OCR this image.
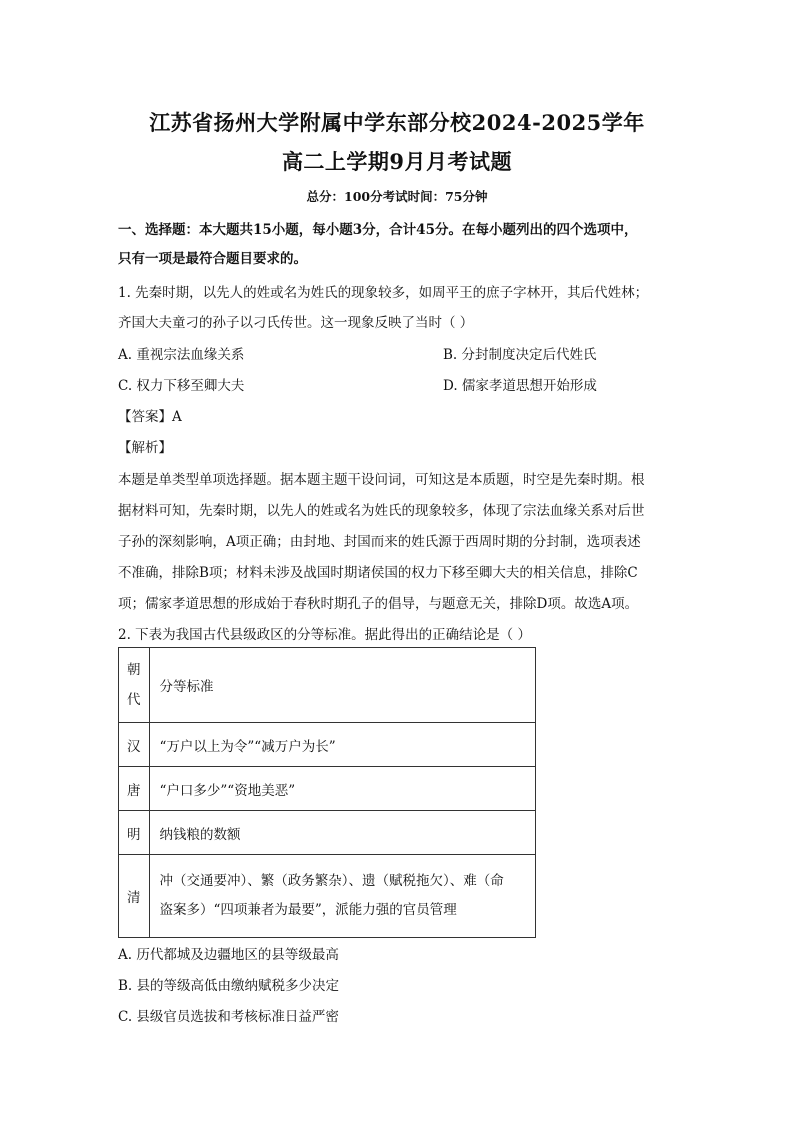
江苏省扬州大学附属中学东部分校2024-2025学年
高二上学期9月月考试题
总分：100分考试时间：75分钟
一、选择题：本大题共15小题，每小题3分，合计45分。在每小题列出的四个选项中，
只有一项是最符合题目要求的。
1. 先秦时期，以先人的姓或名为姓氏的现象较多，如周平王的庶子字林开，其后代姓林；
齐国大夫童刁的孙子以刁氏传世。这一现象反映了当时（ ）
A. 重视宗法血缘关系	B. 分封制度决定后代姓氏
C. 权力下移至卿大夫	D. 儒家孝道思想开始形成
【答案】A
【解析】
本题是单类型单项选择题。据本题主题干设问词，可知这是本质题，时空是先秦时期。根
据材料可知，先秦时期，以先人的姓或名为姓氏的现象较多，体现了宗法血缘关系对后世
子孙的深刻影响，A项正确；由封地、封国而来的姓氏源于西周时期的分封制，选项表述
不准确，排除B项；材料未涉及战国时期诸侯国的权力下移至卿大夫的相关信息，排除C
项；儒家孝道思想的形成始于春秋时期孔子的倡导，与题意无关，排除D项。故选A项。
2. 下表为我国古代县级政区的分等标准。据此得出的正确结论是（ ）
朝代	分等标准
汉	“万户以上为令”“减万户为长”
唐	“户口多少”“资地美恶”
明	纳钱粮的数额
清	冲（交通要冲）、繁（政务繁杂）、遗（赋税拖欠）、难（命
盗案多）“四项兼者为最要”，派能力强的官员管理
A. 历代都城及边疆地区的县等级最高
B. 县的等级高低由缴纳赋税多少决定
C. 县级官员选拔和考核标准日益严密
